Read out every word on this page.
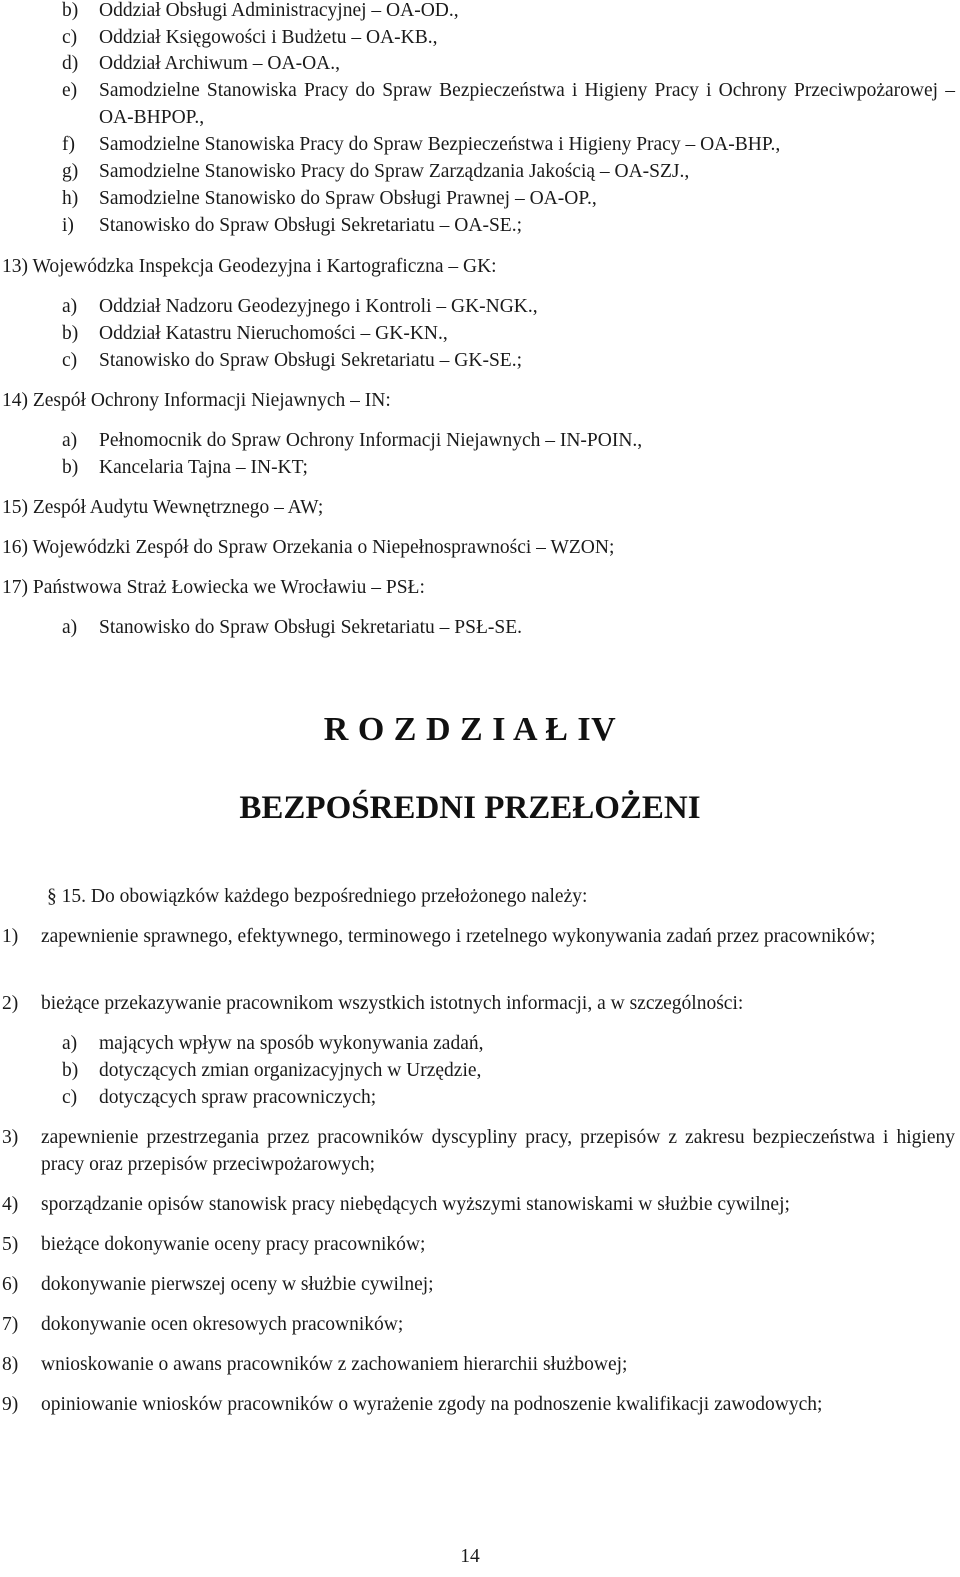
b)	Oddział Obsługi Administracyjnej – OA-OD.,
c)	Oddział Księgowości i Budżetu – OA-KB.,
d)	Oddział Archiwum – OA-OA.,
e)	Samodzielne Stanowiska Pracy do Spraw Bezpieczeństwa i Higieny Pracy i Ochrony Przeciwpożarowej – OA-BHPOP.,
f)	Samodzielne Stanowiska Pracy do Spraw Bezpieczeństwa i Higieny Pracy – OA-BHP.,
g)	Samodzielne Stanowisko Pracy do Spraw Zarządzania Jakością – OA-SZJ.,
h)	Samodzielne Stanowisko do Spraw Obsługi Prawnej – OA-OP.,
i)	Stanowisko do Spraw Obsługi Sekretariatu – OA-SE.;
13) Wojewódzka Inspekcja Geodezyjna i Kartograficzna – GK:
a)	Oddział Nadzoru Geodezyjnego i Kontroli – GK-NGK.,
b)	Oddział Katastru Nieruchomości – GK-KN.,
c)	Stanowisko do Spraw Obsługi Sekretariatu – GK-SE.;
14) Zespół Ochrony Informacji Niejawnych – IN:
a)	Pełnomocnik do Spraw Ochrony Informacji Niejawnych – IN-POIN.,
b)	Kancelaria Tajna – IN-KT;
15) Zespół Audytu Wewnętrznego – AW;
16) Wojewódzki Zespół do Spraw Orzekania o Niepełnosprawności – WZON;
17) Państwowa Straż Łowiecka we Wrocławiu – PSŁ:
a)	Stanowisko do Spraw Obsługi Sekretariatu – PSŁ-SE.
R O Z D Z I A Ł IV
BEZPOŚREDNI PRZEŁOŻENI
§ 15. Do obowiązków każdego bezpośredniego przełożonego należy:
1)	zapewnienie sprawnego, efektywnego, terminowego i rzetelnego wykonywania zadań przez pracowników;
2)	bieżące przekazywanie pracownikom wszystkich istotnych informacji, a w szczególności:
a)	mających wpływ na sposób wykonywania zadań,
b)	dotyczących zmian organizacyjnych w Urzędzie,
c)	dotyczących spraw pracowniczych;
3)	zapewnienie przestrzegania przez pracowników dyscypliny pracy, przepisów z zakresu bezpieczeństwa i higieny pracy oraz przepisów przeciwpożarowych;
4)	sporządzanie opisów stanowisk pracy niebędących wyższymi stanowiskami w służbie cywilnej;
5)	bieżące dokonywanie oceny pracy pracowników;
6)	dokonywanie pierwszej oceny w służbie cywilnej;
7)	dokonywanie ocen okresowych pracowników;
8)	wnioskowanie o awans pracowników z zachowaniem hierarchii służbowej;
9)	opiniowanie wniosków pracowników o wyrażenie zgody na podnoszenie kwalifikacji zawodowych;
14
